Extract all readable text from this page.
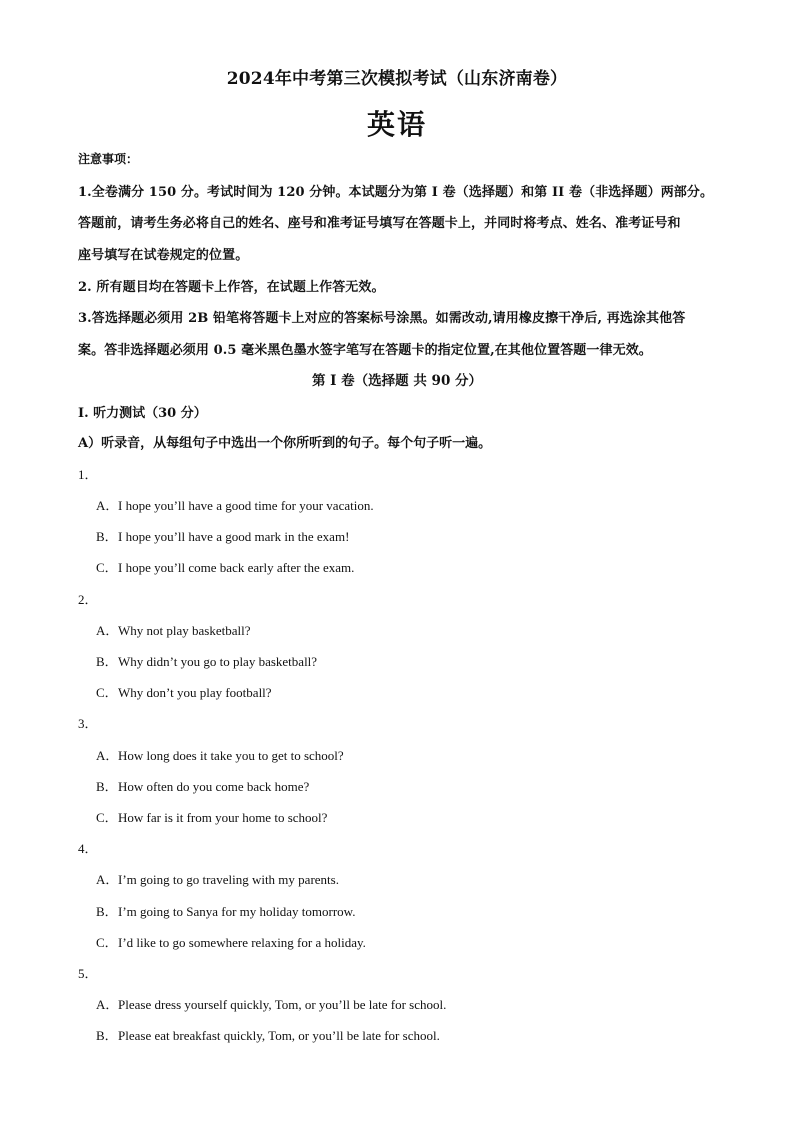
2024年中考第三次模拟考试（山东济南卷）
英语
注意事项：
1.全卷满分 150 分。考试时间为 120 分钟。本试题分为第 I 卷（选择题）和第 II 卷（非选择题）两部分。
答题前，请考生务必将自己的姓名、座号和准考证号填写在答题卡上，并同时将考点、姓名、准考证号和
座号填写在试卷规定的位置。
2. 所有题目均在答题卡上作答，在试题上作答无效。
3.答选择题必须用 2B 铅笔将答题卡上对应的答案标号涂黑。如需改动,请用橡皮擦干净后, 再选涂其他答
案。答非选择题必须用 0.5 毫米黑色墨水签字笔写在答题卡的指定位置,在其他位置答题一律无效。
第 I 卷（选择题 共 90 分）
Ⅰ. 听力测试（30 分）
A）听录音，从每组句子中选出一个你所听到的句子。每个句子听一遍。
1．
A．I hope you’ll have a good time for your vacation.
B．I hope you’ll have a good mark in the exam!
C．I hope you’ll come back early after the exam.
2．
A．Why not play basketball?
B．Why didn’t you go to play basketball?
C．Why don’t you play football?
3．
A．How long does it take you to get to school?
B．How often do you come back home?
C．How far is it from your home to school?
4．
A．I’m going to go traveling with my parents.
B．I’m going to Sanya for my holiday tomorrow.
C．I’d like to go somewhere relaxing for a holiday.
5．
A．Please dress yourself quickly, Tom, or you’ll be late for school.
B．Please eat breakfast quickly, Tom, or you’ll be late for school.
